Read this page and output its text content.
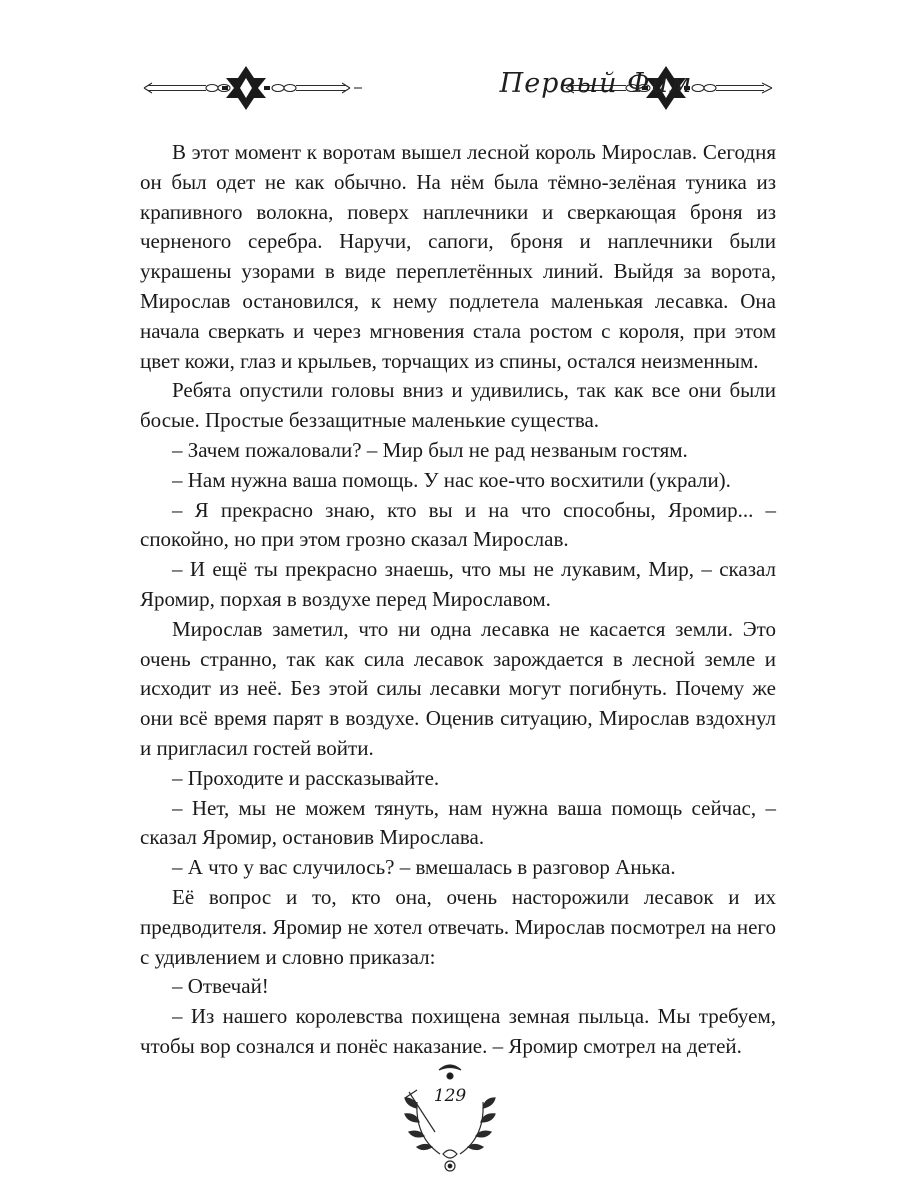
Первый Фим

В этот момент к воротам вышел лесной король Мирослав. Сегодня он был одет не как обычно. На нём была тёмно-зелёная туника из крапивного волокна, поверх наплечники и сверкающая броня из черненого серебра. Наручи, сапоги, броня и наплечники были украшены узорами в виде переплетённых линий. Выйдя за ворота, Мирослав остановился, к нему подлетела маленькая лесавка. Она начала сверкать и через мгновения стала ростом с короля, при этом цвет кожи, глаз и крыльев, торчащих из спины, остался неизменным.

Ребята опустили головы вниз и удивились, так как все они были босые. Простые беззащитные маленькие существа.

– Зачем пожаловали? – Мир был не рад незваным гостям.

– Нам нужна ваша помощь. У нас кое-что восхитили (украли).

– Я прекрасно знаю, кто вы и на что способны, Яромир... – спокойно, но при этом грозно сказал Мирослав.

– И ещё ты прекрасно знаешь, что мы не лукавим, Мир, – сказал Яромир, порхая в воздухе перед Мирославом.

Мирослав заметил, что ни одна лесавка не касается земли. Это очень странно, так как сила лесавок зарождается в лесной земле и исходит из неё. Без этой силы лесавки могут погибнуть. Почему же они всё время парят в воздухе. Оценив ситуацию, Мирослав вздохнул и пригласил гостей войти.

– Проходите и рассказывайте.

– Нет, мы не можем тянуть, нам нужна ваша помощь сейчас, – сказал Яромир, остановив Мирослава.

– А что у вас случилось? – вмешалась в разговор Анька.

Её вопрос и то, кто она, очень насторожили лесавок и их предводителя. Яромир не хотел отвечать. Мирослав посмотрел на него с удивлением и словно приказал:

– Отвечай!

– Из нашего королевства похищена земная пыльца. Мы требуем, чтобы вор сознался и понёс наказание. – Яромир смотрел на детей.

129
